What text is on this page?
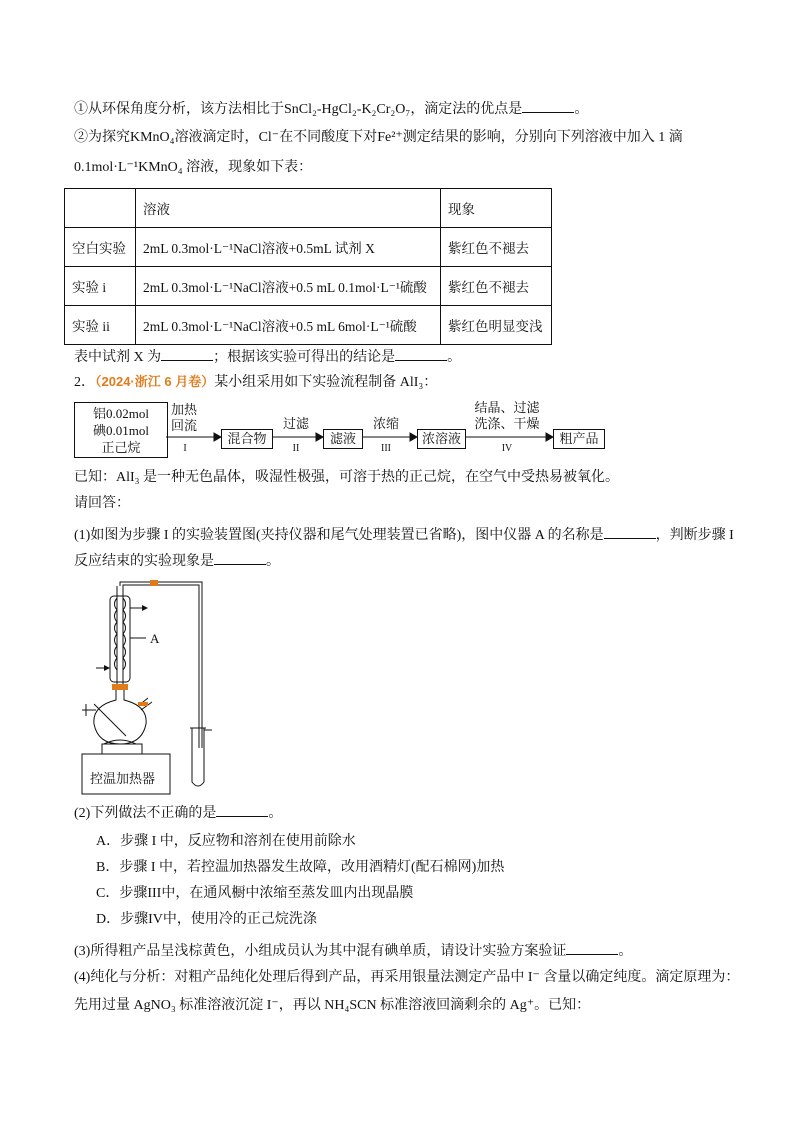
①从环保角度分析，该方法相比于SnCl₂-HgCl₂-K₂Cr₂O₇，滴定法的优点是	。
②为探究KMnO₄溶液滴定时，Cl⁻在不同酸度下对Fe²⁺测定结果的影响，分别向下列溶液中加入 1 滴
0.1mol·L⁻¹KMnO₄ 溶液，现象如下表：
	溶液	现象
空白实验	2mL 0.3mol·L⁻¹NaCl溶液+0.5mL 试剂 X	紫红色不褪去
实验 i	2mL 0.3mol·L⁻¹NaCl溶液+0.5 mL 0.1mol·L⁻¹硫酸	紫红色不褪去
实验 ii	2mL 0.3mol·L⁻¹NaCl溶液+0.5 mL 6mol·L⁻¹硫酸	紫红色明显变浅
表中试剂 X 为	；根据该实验可得出的结论是	。
2．（2024·浙江 6 月卷）某小组采用如下实验流程制备 AlI₃：
铝0.02mol
碘0.01mol
正己烷
加热回流
I
混合物
过滤
II
滤液
浓缩
III
浓溶液
结晶、过滤洗涤、干燥
IV
粗产品
已知：AlI₃ 是一种无色晶体，吸湿性极强，可溶于热的正己烷，在空气中受热易被氧化。
请回答：
(1)如图为步骤 I 的实验装置图(夹持仪器和尾气处理装置已省略)，图中仪器 A 的名称是	，判断步骤 I
反应结束的实验现象是	。
A
控温加热器
(2)下列做法不正确的是	。
A．步骤 I 中，反应物和溶剂在使用前除水
B．步骤 I 中，若控温加热器发生故障，改用酒精灯(配石棉网)加热
C．步骤III中，在通风橱中浓缩至蒸发皿内出现晶膜
D．步骤IV中，使用冷的正己烷洗涤
(3)所得粗产品呈浅棕黄色，小组成员认为其中混有碘单质，请设计实验方案验证	。
(4)纯化与分析：对粗产品纯化处理后得到产品，再采用银量法测定产品中 I⁻ 含量以确定纯度。滴定原理为：
先用过量 AgNO₃ 标准溶液沉淀 I⁻，再以 NH₄SCN 标准溶液回滴剩余的 Ag⁺。已知：
